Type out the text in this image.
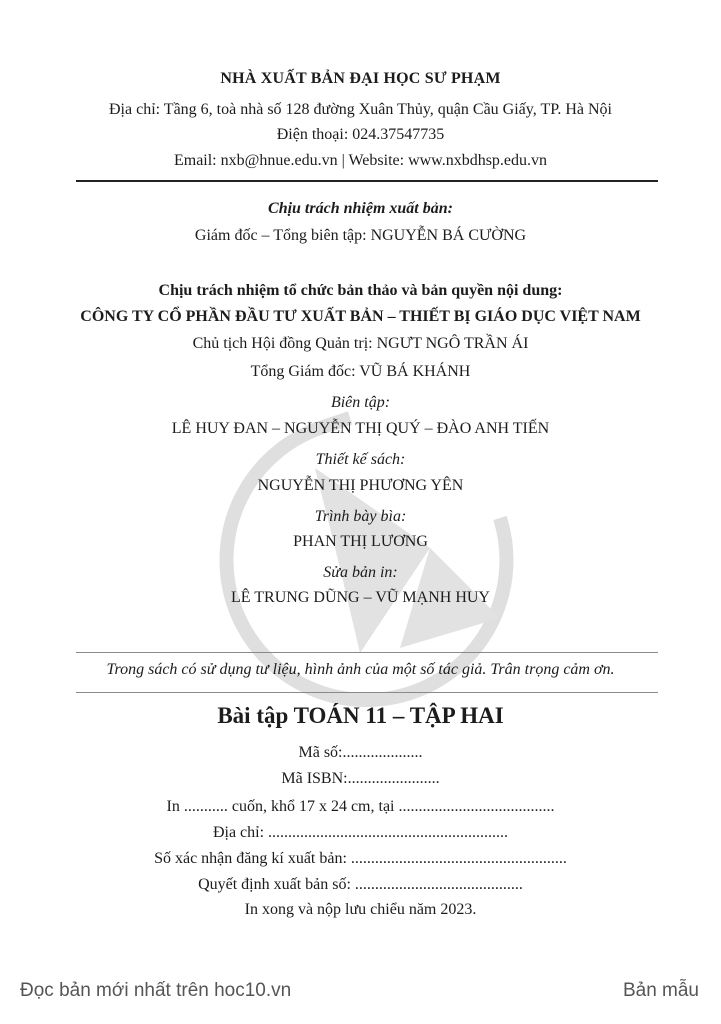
NHÀ XUẤT BẢN ĐẠI HỌC SƯ PHẠM
Địa chỉ: Tầng 6, toà nhà số 128 đường Xuân Thủy, quận Cầu Giấy, TP. Hà Nội
Điện thoại: 024.37547735
Email: nxb@hnue.edu.vn | Website: www.nxbdhsp.edu.vn
Chịu trách nhiệm xuất bản:
Giám đốc – Tổng biên tập: NGUYỄN BÁ CƯỜNG
Chịu trách nhiệm tổ chức bản thảo và bản quyền nội dung:
CÔNG TY CỔ PHẦN ĐẦU TƯ XUẤT BẢN – THIẾT BỊ GIÁO DỤC VIỆT NAM
Chủ tịch Hội đồng Quản trị: NGƯT NGÔ TRẦN ÁI
Tổng Giám đốc: VŨ BÁ KHÁNH
Biên tập:
LÊ HUY ĐAN – NGUYỄN THỊ QUÝ – ĐÀO ANH TIẾN
Thiết kế sách:
NGUYỄN THỊ PHƯƠNG YÊN
Trình bày bìa:
PHAN THỊ LƯƠNG
Sửa bản in:
LÊ TRUNG DŨNG – VŨ MẠNH HUY
Trong sách có sử dụng tư liệu, hình ảnh của một số tác giả. Trân trọng cảm ơn.
Bài tập TOÁN 11 – TẬP HAI
Mã số:....................
Mã ISBN:.......................
In ........... cuốn, khổ 17 x 24 cm, tại .......................................
Địa chỉ: ............................................................
Số xác nhận đăng kí xuất bản: ......................................................
Quyết định xuất bản số: ..........................................
In xong và nộp lưu chiểu năm 2023.
Đọc bản mới nhất trên hoc10.vn	Bản mẫu
